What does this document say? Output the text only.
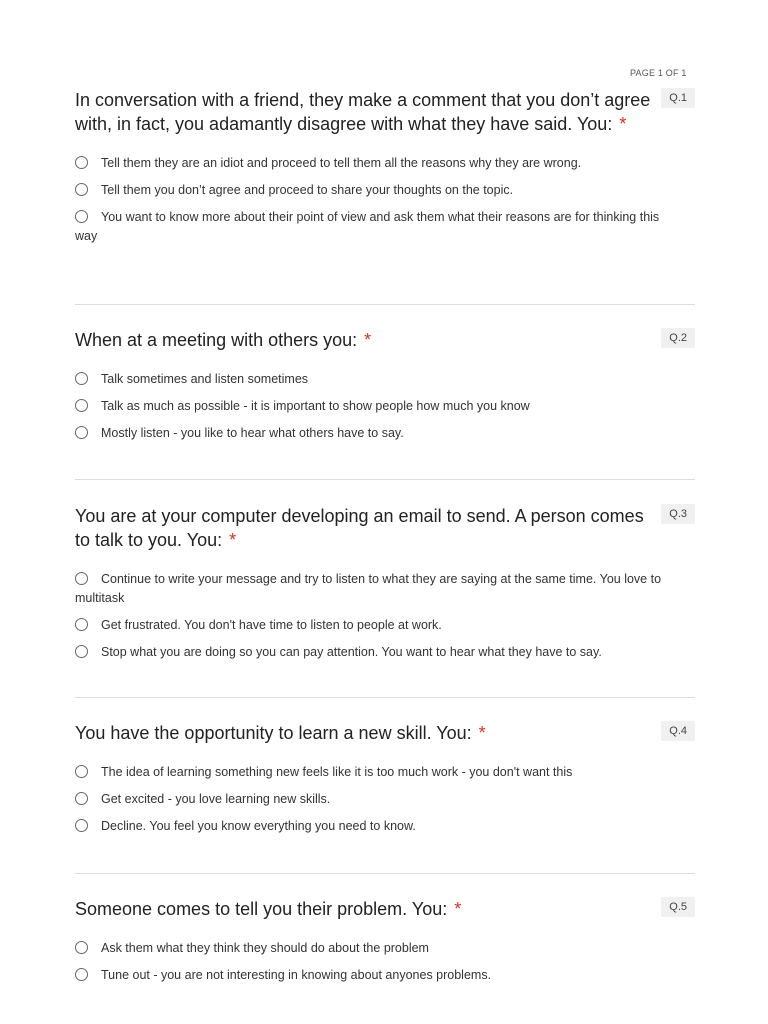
PAGE 1 OF 1

In conversation with a friend, they make a comment that you don’t agree with, in fact, you adamantly disagree with what they have said. You: *

Q.1
Tell them they are an idiot and proceed to tell them all the reasons why they are wrong.
Tell them you don’t agree and proceed to share your thoughts on the topic.
You want to know more about their point of view and ask them what their reasons are for thinking this way

When at a meeting with others you: *	Q.2
Talk sometimes and listen sometimes
Talk as much as possible - it is important to show people how much you know
Mostly listen - you like to hear what others have to say.

You are at your computer developing an email to send. A person comes to talk to you. You: *

Q.3
Continue to write your message and try to listen to what they are saying at the same time. You love to multitask
Get frustrated. You don't have time to listen to people at work.
Stop what you are doing so you can pay attention. You want to hear what they have to say.

You have the opportunity to learn a new skill. You: *	Q.4
The idea of learning something new feels like it is too much work - you don't want this
Get excited - you love learning new skills.
Decline. You feel you know everything you need to know.

Someone comes to tell you their problem. You: *	Q.5
Ask them what they think they should do about the problem
Tune out - you are not interesting in knowing about anyones problems.
